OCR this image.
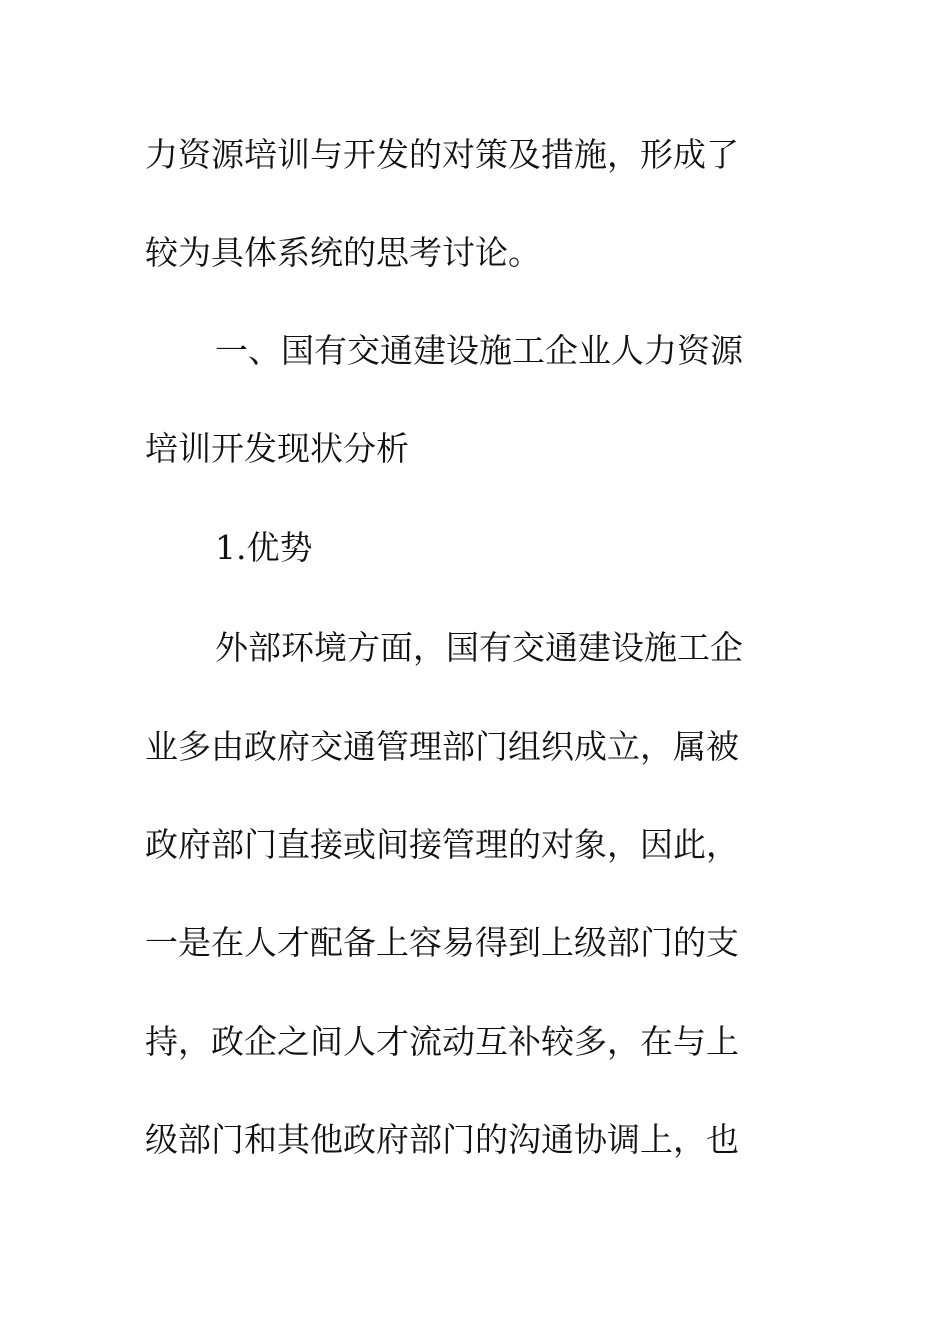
力资源培训与开发的对策及措施，形成了
较为具体系统的思考讨论。
一、国有交通建设施工企业人力资源
培训开发现状分析
1.优势
外部环境方面，国有交通建设施工企
业多由政府交通管理部门组织成立，属被
政府部门直接或间接管理的对象，因此，
一是在人才配备上容易得到上级部门的支
持，政企之间人才流动互补较多，在与上
级部门和其他政府部门的沟通协调上，也
